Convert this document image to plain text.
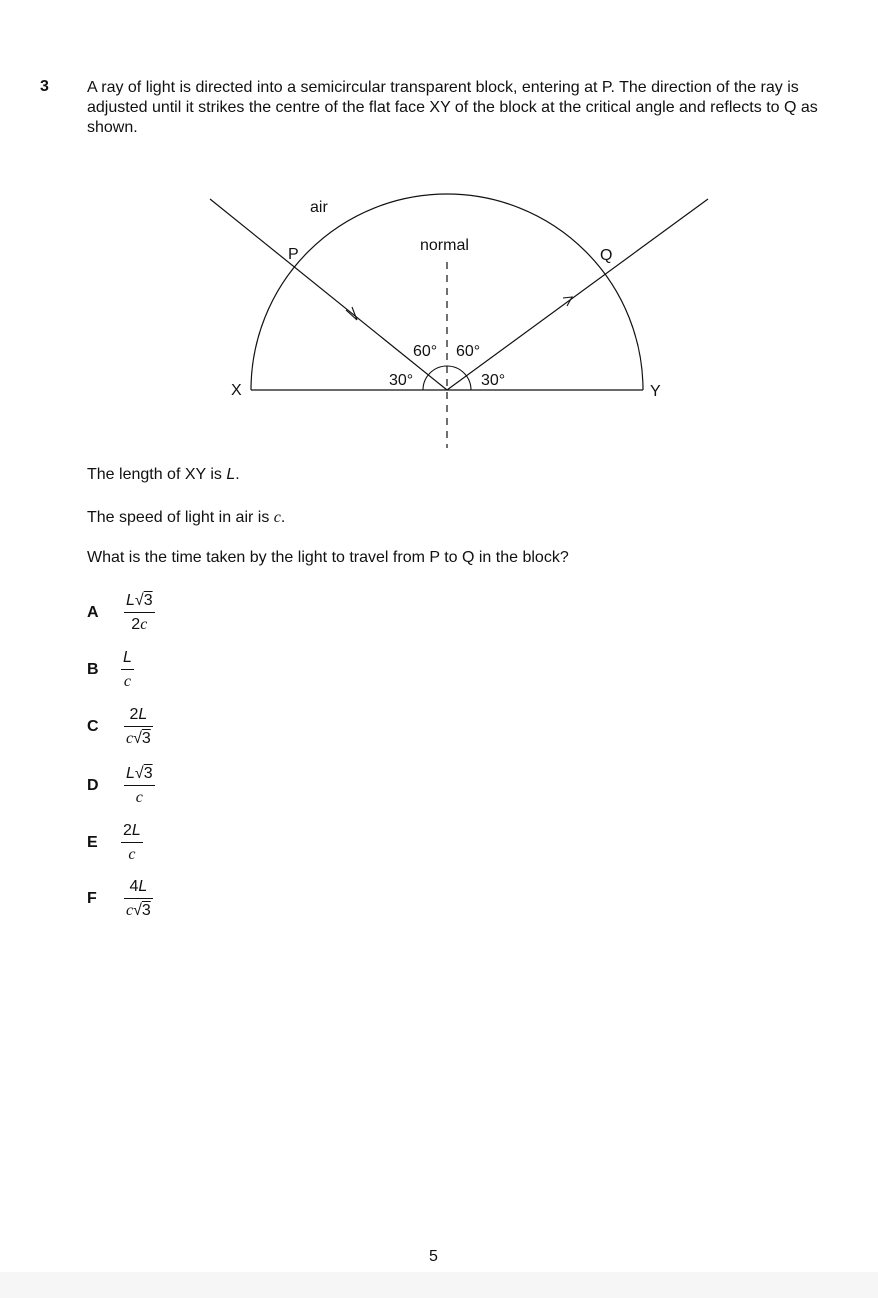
3 A ray of light is directed into a semicircular transparent block, entering at P. The direction of the ray is adjusted until it strikes the centre of the flat face XY of the block at the critical angle and reflects to Q as shown.

air
normal
P	Q
X	Y
60° 60°
30°	30°

The length of XY is L.

The speed of light in air is c.

What is the time taken by the light to travel from P to Q in the block?

A
L√3
2c
B
L
c
C
2L
c√3
D
L√3
c
E
2L
c
F
4L
c√3
5
